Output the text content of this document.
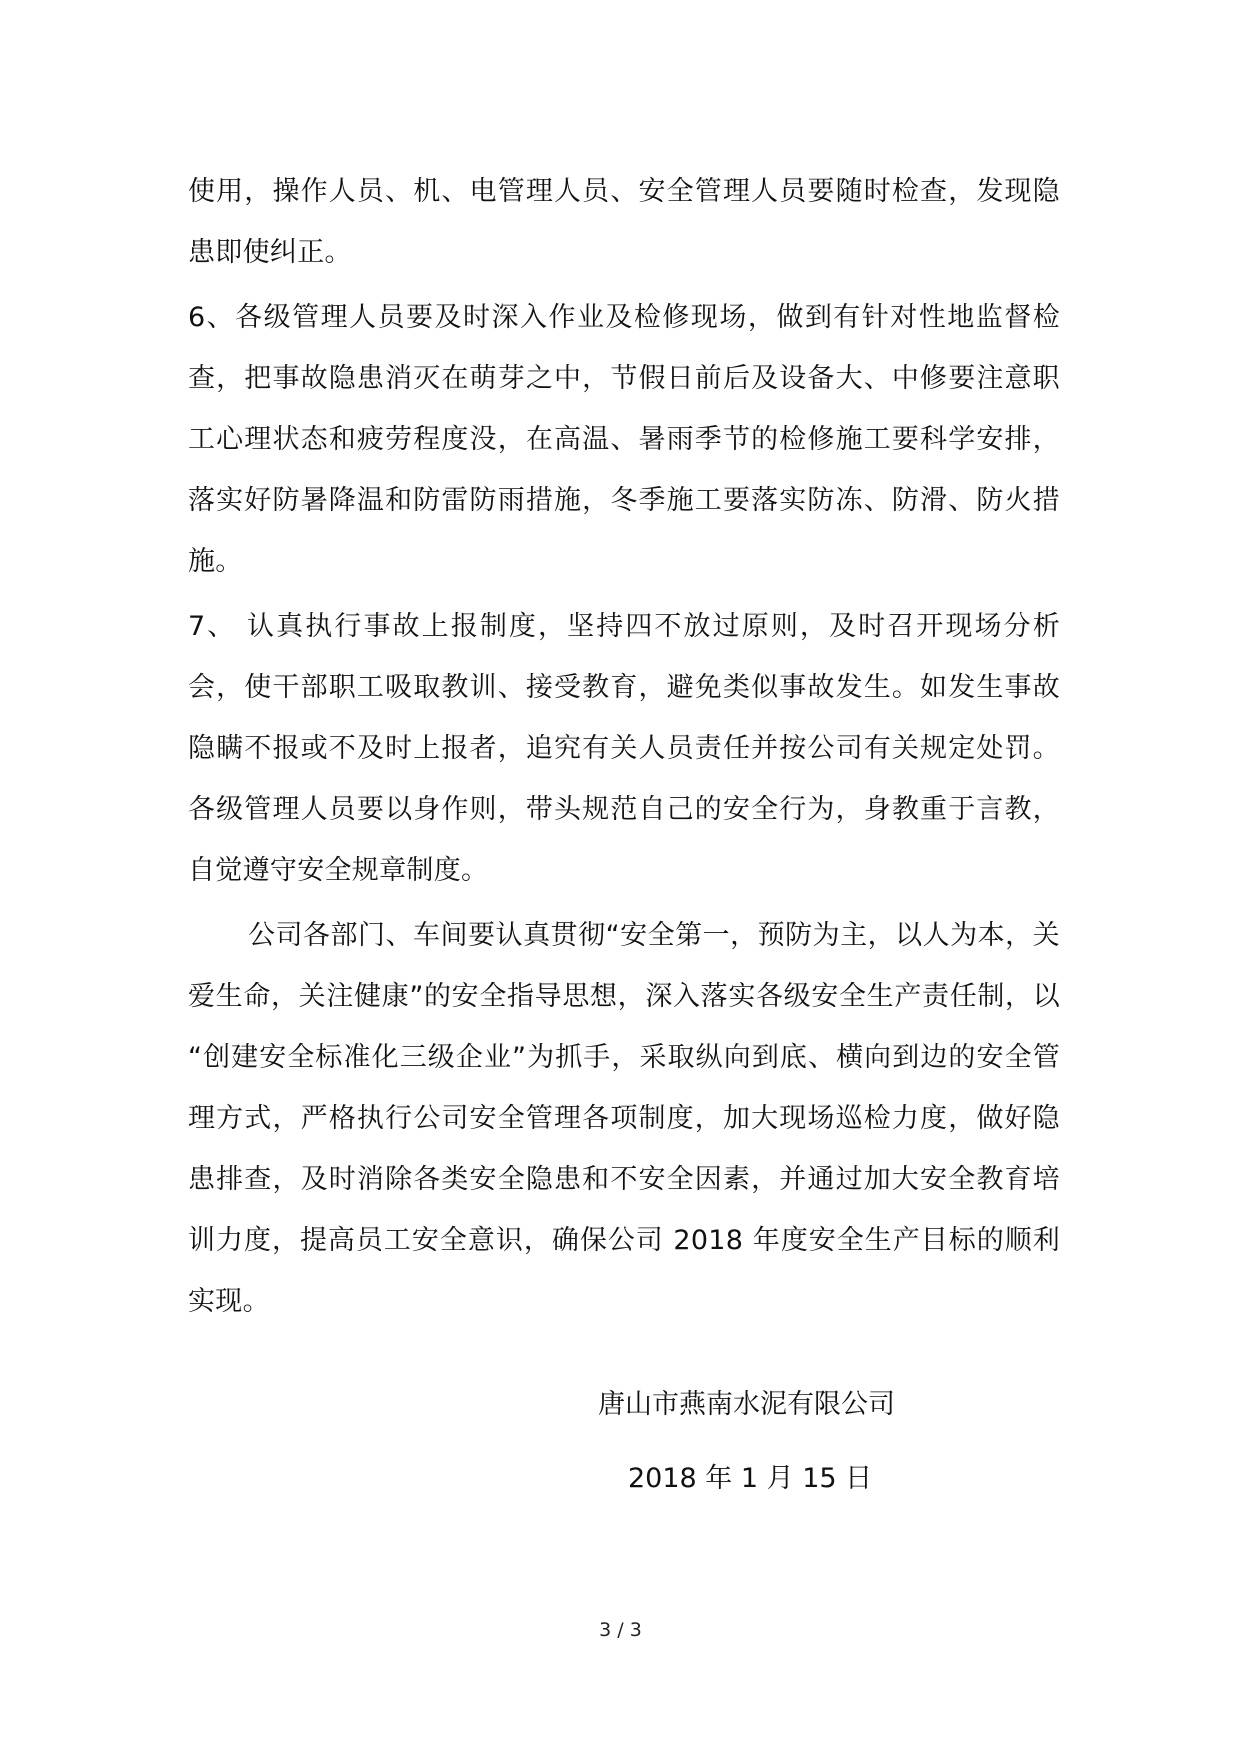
使用，操作人员、机、电管理人员、安全管理人员要随时检查，发现隐患即使纠正。

6、各级管理人员要及时深入作业及检修现场，做到有针对性地监督检查，把事故隐患消灭在萌芽之中，节假日前后及设备大、中修要注意职工心理状态和疲劳程度没，在高温、暑雨季节的检修施工要科学安排，落实好防暑降温和防雷防雨措施，冬季施工要落实防冻、防滑、防火措施。

7、 认真执行事故上报制度，坚持四不放过原则，及时召开现场分析会，使干部职工吸取教训、接受教育，避免类似事故发生。如发生事故隐瞒不报或不及时上报者，追究有关人员责任并按公司有关规定处罚。各级管理人员要以身作则，带头规范自己的安全行为，身教重于言教，自觉遵守安全规章制度。

公司各部门、车间要认真贯彻“安全第一，预防为主，以人为本，关爱生命，关注健康”的安全指导思想，深入落实各级安全生产责任制，以 “创建安全标准化三级企业”为抓手，采取纵向到底、横向到边的安全管理方式，严格执行公司安全管理各项制度，加大现场巡检力度，做好隐患排查，及时消除各类安全隐患和不安全因素，并通过加大安全教育培训力度，提高员工安全意识，确保公司 2018 年度安全生产目标的顺利实现。

唐山市燕南水泥有限公司
2018 年 1 月 15 日
3 / 3
